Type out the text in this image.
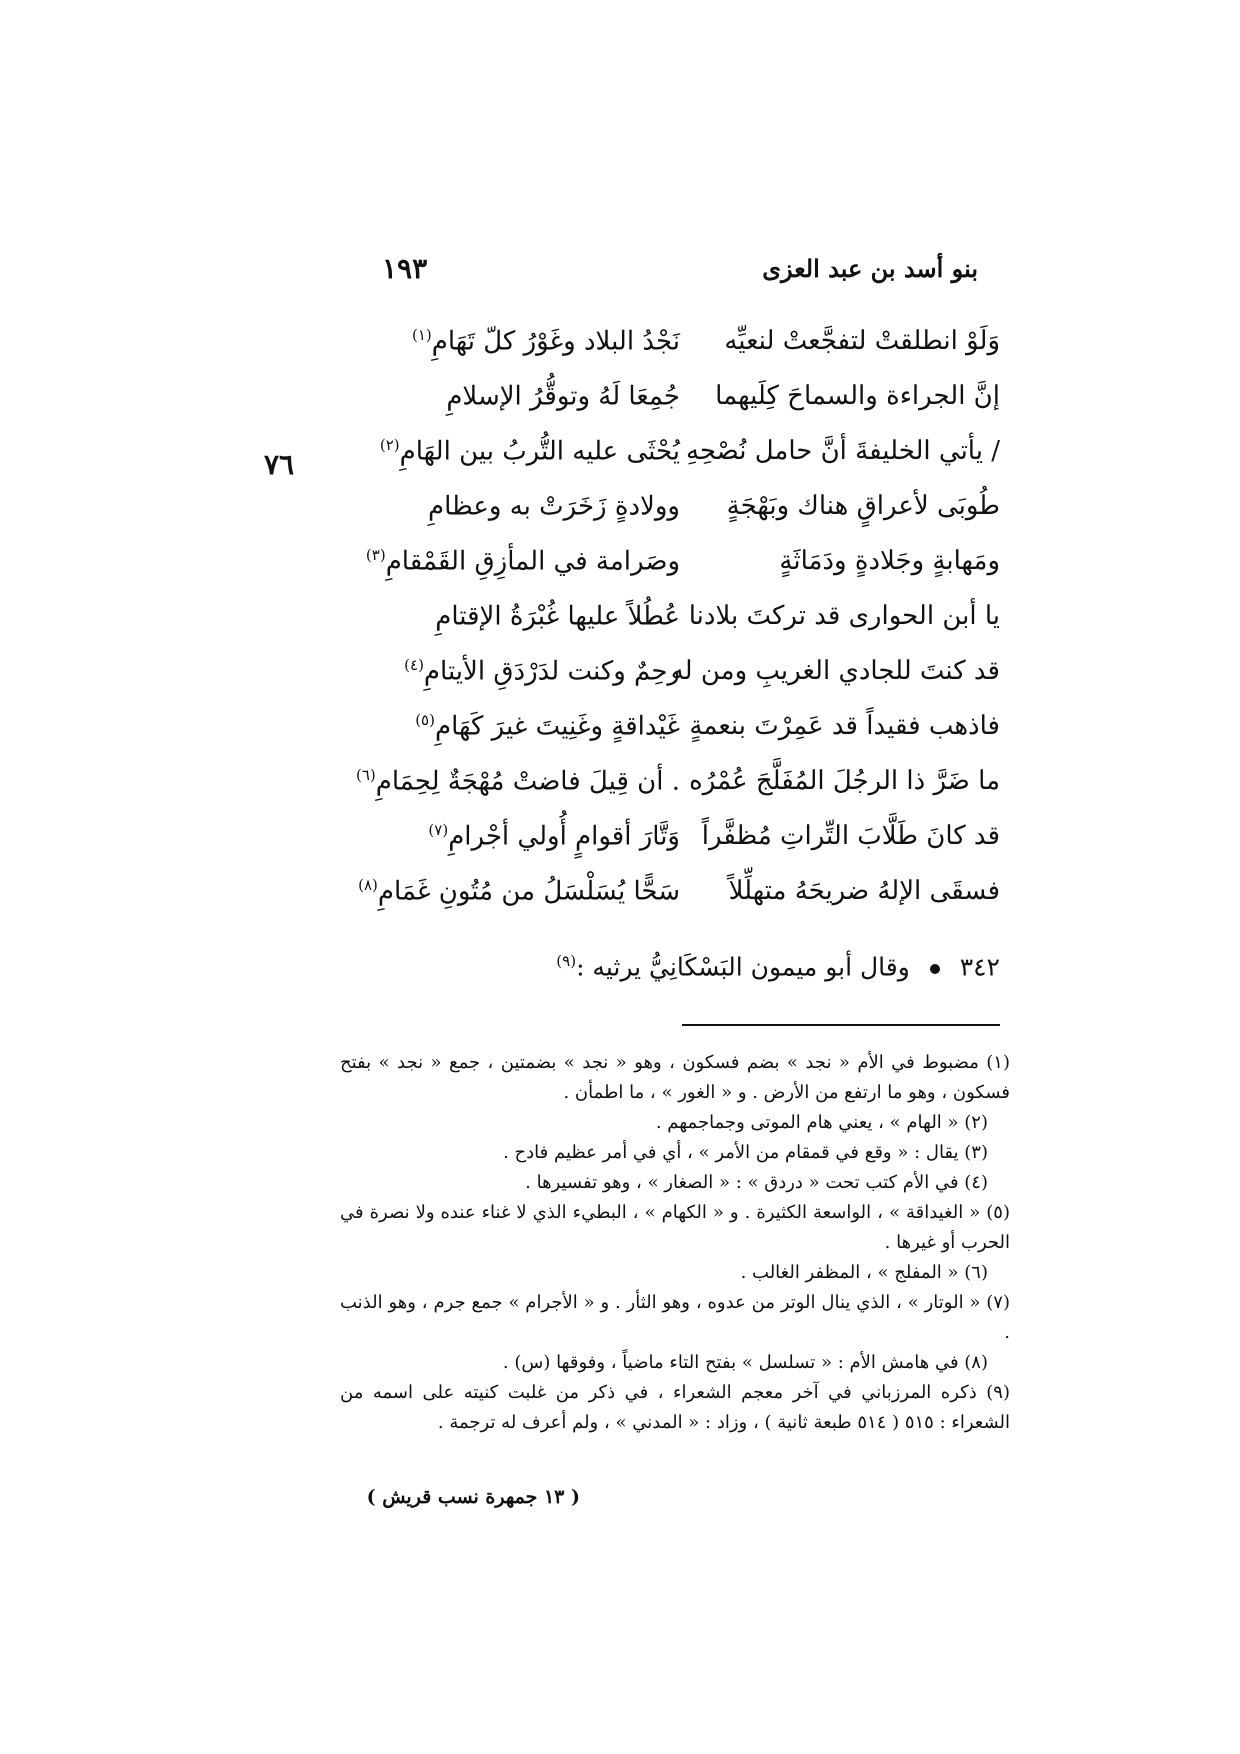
١٩٣	بنو أسد بن عبد العزى
٧٦
وَلَوْ انطلقتْ لتفجَّعتْ لنعيِّه
نَجْدُ البلاد وغَوْرُ كلّ تَهَامِ$^{(١)}$
إنَّ الجراءة والسماحَ كِلَيهما
جُمِعَا لَهُ وتوقُّرُ الإسلامِ
/ يأتي الخليفةَ أنَّ حامل نُصْحِهِ
يُحْثَى عليه التُّربُ بين الهَامِ$^{(٢)}$
طُوبَى لأعراقٍ هناك وبَهْجَةٍ
وولادةٍ زَخَرَتْ به وعظامِ
ومَهابةٍ وجَلادةٍ ودَمَاثَةٍ
وصَرامة في المأزِقِ القَمْقامِ$^{(٣)}$
يا أبن الحوارى قد تركتَ بلادنا
عُطُلاً عليها غُبْرَةُ الإقتامِ
قد كنتَ للجادي الغريبِ ومن له
رحِمٌ وكنت لدَرْدَقِ الأيتامِ$^{(٤)}$
فاذهب فقيداً قد عَمِرْتَ بنعمةٍ
غَيْداقةٍ وغَنِيتَ غيرَ كَهَامِ$^{(٥)}$
ما ضَرَّ ذا الرجُلَ المُفَلَّجَ عُمْرُه
. أن قِيلَ فاضتْ مُهْجَةٌ لِحِمَامِ$^{(٦)}$
قد كانَ طَلَّابَ التِّراتِ مُظفَّراً
وَتَّارَ أقوامٍ أُولي أجْرامِ$^{(٧)}$
فسقَى الإلهُ ضريحَهُ متهلِّلاً
سَحًّا يُسَلْسَلُ من مُتُونِ غَمَامِ$^{(٨)}$
٣٤٢  وقال أبو ميمون البَسْكَانِيُّ يرثيه :$^{(٩)}$
(١) مضبوط في الأم « نجد » بضم فسكون ، وهو « نجد » بضمتين ، جمع « نجد » بفتح فسكون ، وهو ما ارتفع من الأرض . و « الغور » ، ما اطمأن .
(٢) « الهام » ، يعني هام الموتى وجماجمهم .
(٣) يقال : « وقع في قمقام من الأمر » ، أي في أمر عظيم فادح .
(٤) في الأم كتب تحت « دردق » : « الصغار » ، وهو تفسيرها .
(٥) « الغيداقة » ، الواسعة الكثيرة . و « الكهام » ، البطيء الذي لا غناء عنده ولا نصرة في الحرب أو غيرها .
(٦) « المفلج » ، المظفر الغالب .
(٧) « الوتار » ، الذي ينال الوتر من عدوه ، وهو الثأر . و « الأجرام » جمع جرم ، وهو الذنب .
(٨) في هامش الأم : « تسلسل » بفتح التاء ماضياً ، وفوقها (س) .
(٩) ذكره المرزباني في آخر معجم الشعراء ، في ذكر من غلبت كنيته على اسمه من الشعراء : ٥١٥ ( ٥١٤ طبعة ثانية ) ، وزاد : « المدني » ، ولم أعرف له ترجمة .
( ١٣ جمهرة نسب قريش )
